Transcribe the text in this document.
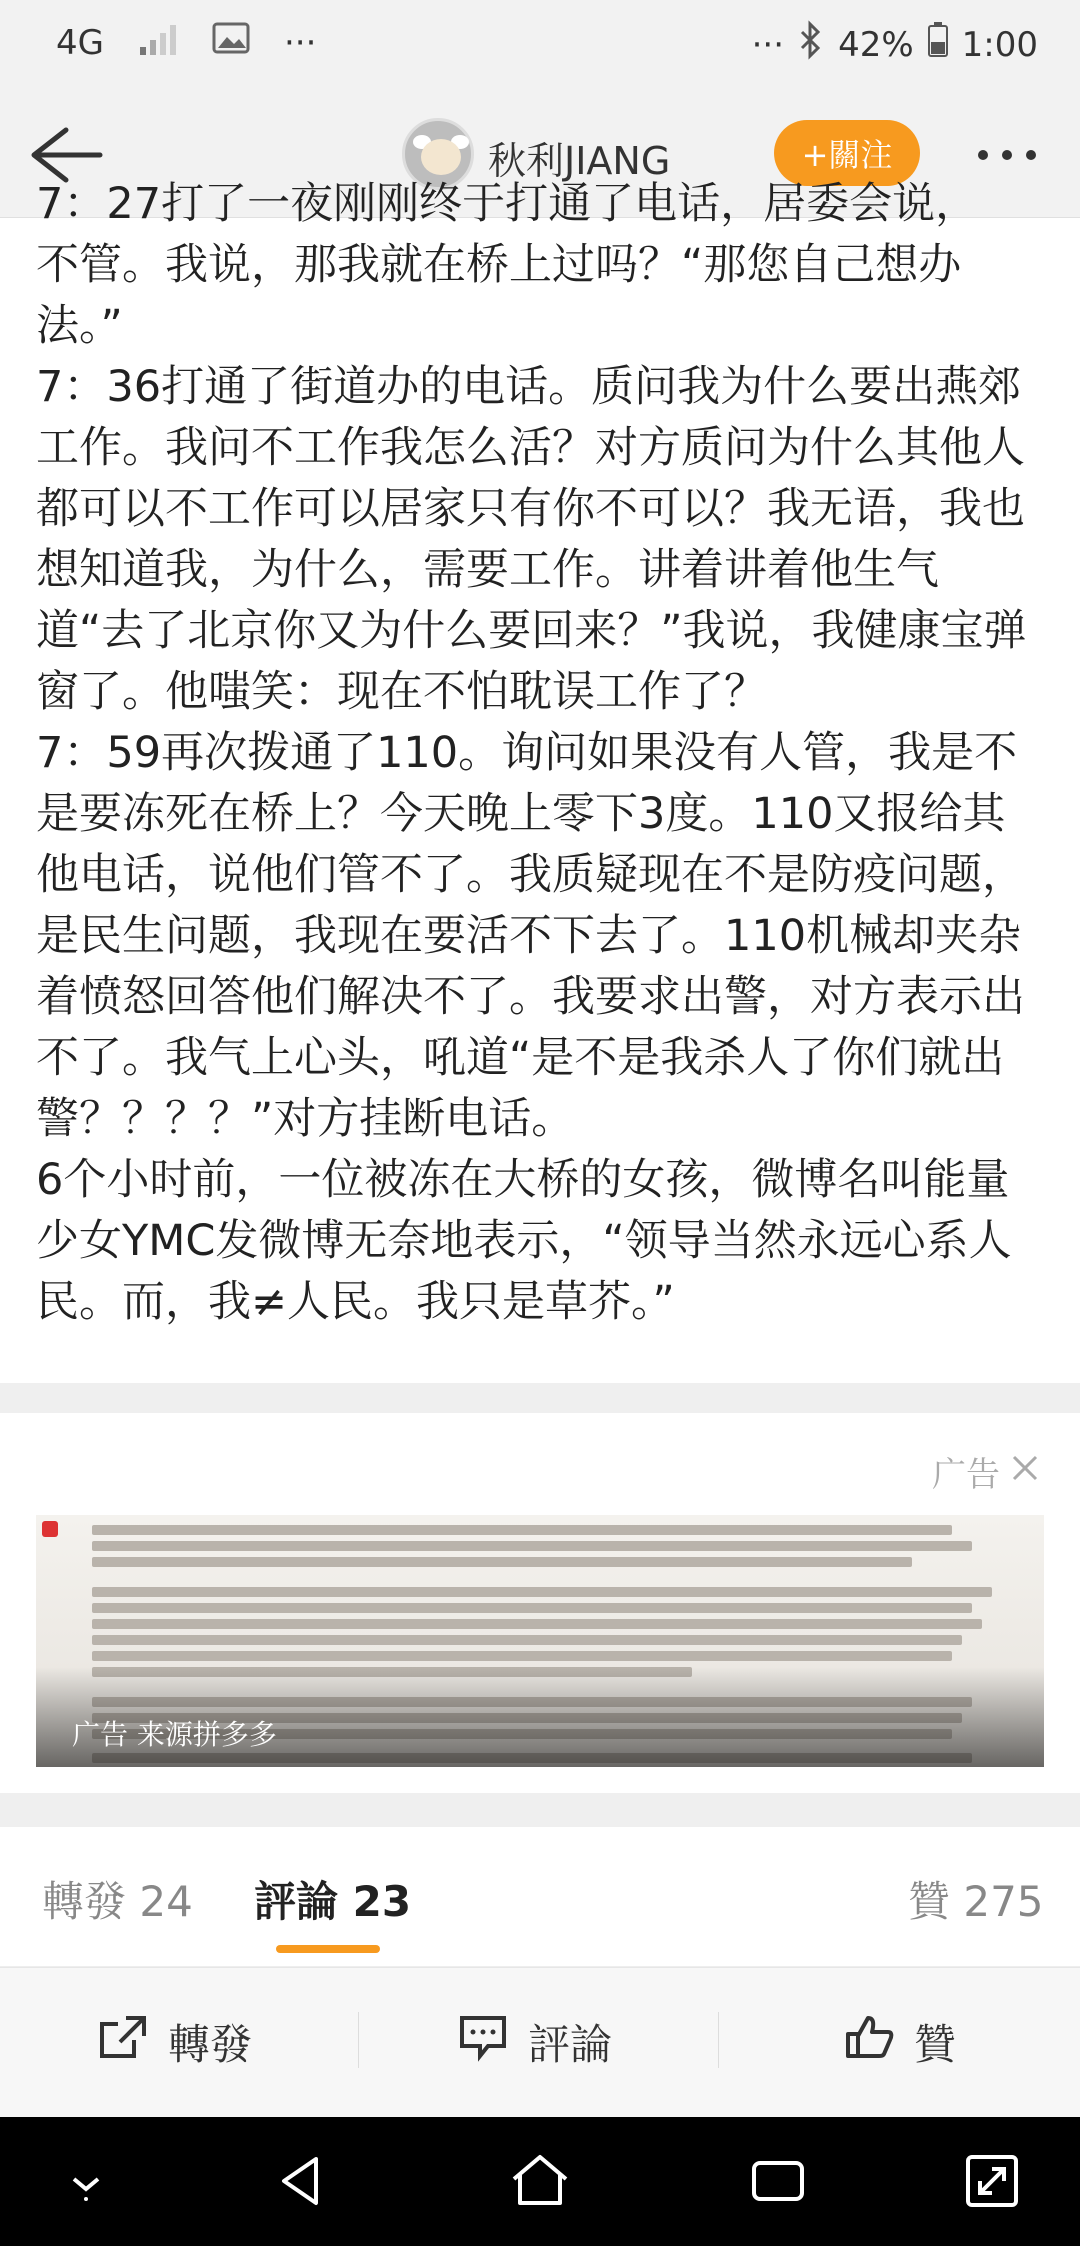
4G	···	··· 42% 1:00
秋利JIANG	+關注

7：27打了一夜刚刚终于打通了电话，居委会说，

不管。我说，那我就在桥上过吗？“那您自己想办法。”

7：36打通了街道办的电话。质问我为什么要出燕郊工作。我问不工作我怎么活？对方质问为什么其他人都可以不工作可以居家只有你不可以？我无语，我也想知道我，为什么，需要工作。讲着讲着他生气道“去了北京你又为什么要回来？”我说，我健康宝弹窗了。他嗤笑：现在不怕耽误工作了？

7：59再次拨通了110。询问如果没有人管，我是不是要冻死在桥上？今天晚上零下3度。110又报给其他电话，说他们管不了。我质疑现在不是防疫问题，是民生问题，我现在要活不下去了。110机械却夹杂着愤怒回答他们解决不了。我要求出警，对方表示出不了。我气上心头，吼道“是不是我杀人了你们就出警？？？？”对方挂断电话。

6个小时前，一位被冻在大桥的女孩，微博名叫能量少女YMC发微博无奈地表示，“领导当然永远心系人民。而，我≠人民。我只是草芥。”

广告
广告 来源拼多多
轉發 24 評論 23	贊 275
轉發	評論	贊
